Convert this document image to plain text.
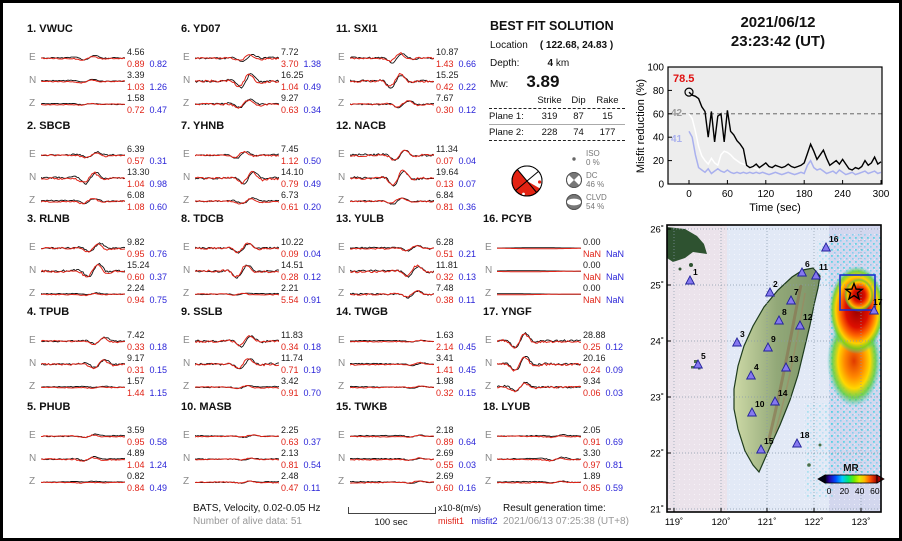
1. VWUC
E	4.56
0.89 0.82
N	3.39
1.03 1.26
Z	1.58
0.72 0.47
2. SBCB
E	6.39
0.57 0.31
N	13.30
1.04 0.98
Z	6.08
1.08 0.60
3. RLNB
E	9.82
0.95 0.76
N	15.24
0.60 0.37
Z	2.24
0.94 0.75
4. TPUB
E	7.42
0.33 0.18
N	9.17
0.31 0.15
Z	1.57
1.44 1.15
5. PHUB
E	3.59
0.95 0.58
N	4.89
1.04 1.24
Z	0.82
0.84 0.49
6. YD07
E	7.72
3.70 1.38
N	16.25
1.04 0.49
Z	9.27
0.63 0.34
7. YHNB
E	7.45
1.12 0.50
N	14.10
0.79 0.49
Z	6.73
0.61 0.20
8. TDCB
E	10.22
0.09 0.04
N	14.51
0.28 0.12
Z	2.21
5.54 0.91
9. SSLB
E	11.83
0.34 0.18
N	11.74
0.71 0.19
Z	3.42
0.91 0.70
10. MASB
E	2.25
0.63 0.37
N	2.13
0.81 0.54
Z	2.48
0.47 0.11
11. SXI1
E	10.87
1.43 0.66
N	15.25
0.42 0.22
Z	7.67
0.30 0.12
12. NACB
E	11.34
0.07 0.04
N	19.64
0.13 0.07
Z	6.84
0.81 0.36
13. YULB
E	6.28
0.51 0.21
N	11.81
0.32 0.13
Z	7.48
0.38 0.11
14. TWGB
E	1.63
2.14 0.45
N	3.41
1.41 0.45
Z	1.98
0.32 0.15
15. TWKB
E	2.18
0.89 0.64
N	2.69
0.55 0.03
Z	2.69
0.60 0.16
16. PCYB
E	0.00
NaN NaN
N	0.00
NaN NaN
Z	0.00
NaN NaN
17. YNGF
E	28.88
0.25 0.12
N	20.16
0.24 0.09
Z	9.34
0.06 0.03
18. LYUB
E	2.05
0.91 0.69
N	3.30
0.97 0.81
Z	1.89
0.85 0.59
BEST FIT SOLUTION
Location ( 122.68, 24.83 )
Depth:	4 km
Mw: 3.89
Strike	Dip	Rake
Plane 1:	319	87	15
Plane 2:	228	74	177
ISO
0 %
DC
46 %
CLVD
54 %
2021/06/12
23:23:42 (UT)
78.5
42
41
0	60 120 180 240 300
0
20
40
60
80
100
Time (sec)
Misfit reduction (%)
1
2
3
4
5
6
7
8
9
10
11
12
13
14
15
16
17
18
26˚
25˚
24˚
23˚
22˚
21˚
119˚	120˚	121˚	122˚	123˚
MR
0 20 40 60
BATS, Velocity, 0.02-0.05 Hz
Number of alive data: 51	100 sec
x10-8(m/s)
misfit1 misfit2
Result generation time:
2021/06/13 07:25:38 (UT+8)
